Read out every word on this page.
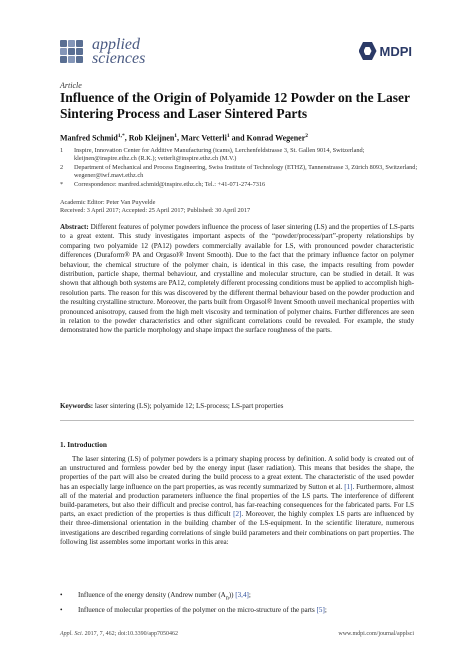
applied
sciences	MDPI
Article
Influence of the Origin of Polyamide 12 Powder on the Laser Sintering Process and Laser Sintered Parts
Manfred Schmid$^{1,*}$, Rob Kleijnen$^1$, Marc Vetterli$^1$ and Konrad Wegener$^2$
1	Inspire, Innovation Center for Additive Manufacturing (icams), Lerchenfeldstrasse 3, St. Gallen 9014, Switzerland; kleijnen@inspire.ethz.ch (R.K.); vetterli@inspire.ethz.ch (M.V.)
2	Department of Mechanical and Process Engineering, Swiss Institute of Technology (ETHZ), Tannenstrasse 3, Zürich 8093, Switzerland; wegener@iwf.mavt.ethz.ch
*	Correspondence: manfred.schmid@inspire.ethz.ch; Tel.: +41-071-274-7316
Academic Editor: Peter Van Puyvelde
Received: 3 April 2017; Accepted: 25 April 2017; Published: 30 April 2017
Abstract: Different features of polymer powders influence the process of laser sintering (LS) and the properties of LS-parts to a great extent. This study investigates important aspects of the “powder/process/part”-property relationships by comparing two polyamide 12 (PA12) powders commercially available for LS, with pronounced powder characteristic differences (Duraform® PA and Orgasol® Invent Smooth). Due to the fact that the primary influence factor on polymer behaviour, the chemical structure of the polymer chain, is identical in this case, the impacts resulting from powder distribution, particle shape, thermal behaviour, and crystalline and molecular structure, can be studied in detail. It was shown that although both systems are PA12, completely different processing conditions must be applied to accomplish high-resolution parts. The reason for this was discovered by the different thermal behaviour based on the powder production and the resulting crystalline structure. Moreover, the parts built from Orgasol® Invent Smooth unveil mechanical properties with pronounced anisotropy, caused from the high melt viscosity and termination of polymer chains. Further differences are seen in relation to the powder characteristics and other significant correlations could be revealed. For example, the study demonstrated how the particle morphology and shape impact the surface roughness of the parts.
Keywords: laser sintering (LS); polyamide 12; LS-process; LS-part properties
1. Introduction
The laser sintering (LS) of polymer powders is a primary shaping process by definition. A solid body is created out of an unstructured and formless powder bed by the energy input (laser radiation). This means that besides the shape, the properties of the part will also be created during the build process to a great extent. The characteristic of the used powder has an especially large influence on the part properties, as was recently summarized by Sutton et al. [1]. Furthermore, almost all of the material and production parameters influence the final properties of the LS parts. The interference of different build-parameters, but also their difficult and precise control, has far-reaching consequences for the fabricated parts. For LS parts, an exact prediction of the properties is thus difficult [2]. Moreover, the highly complex LS parts are influenced by their three-dimensional orientation in the building chamber of the LS-equipment. In the scientific literature, numerous investigations are described regarding correlations of single build parameters and their combinations on part properties. The following list assembles some important works in this area:
•	Influence of the energy density (Andrew number $(A_n)$) [3,4];
•	Influence of molecular properties of the polymer on the micro-structure of the parts [5];
Appl. Sci. 2017, 7, 462; doi:10.3390/app7050462	www.mdpi.com/journal/applsci
